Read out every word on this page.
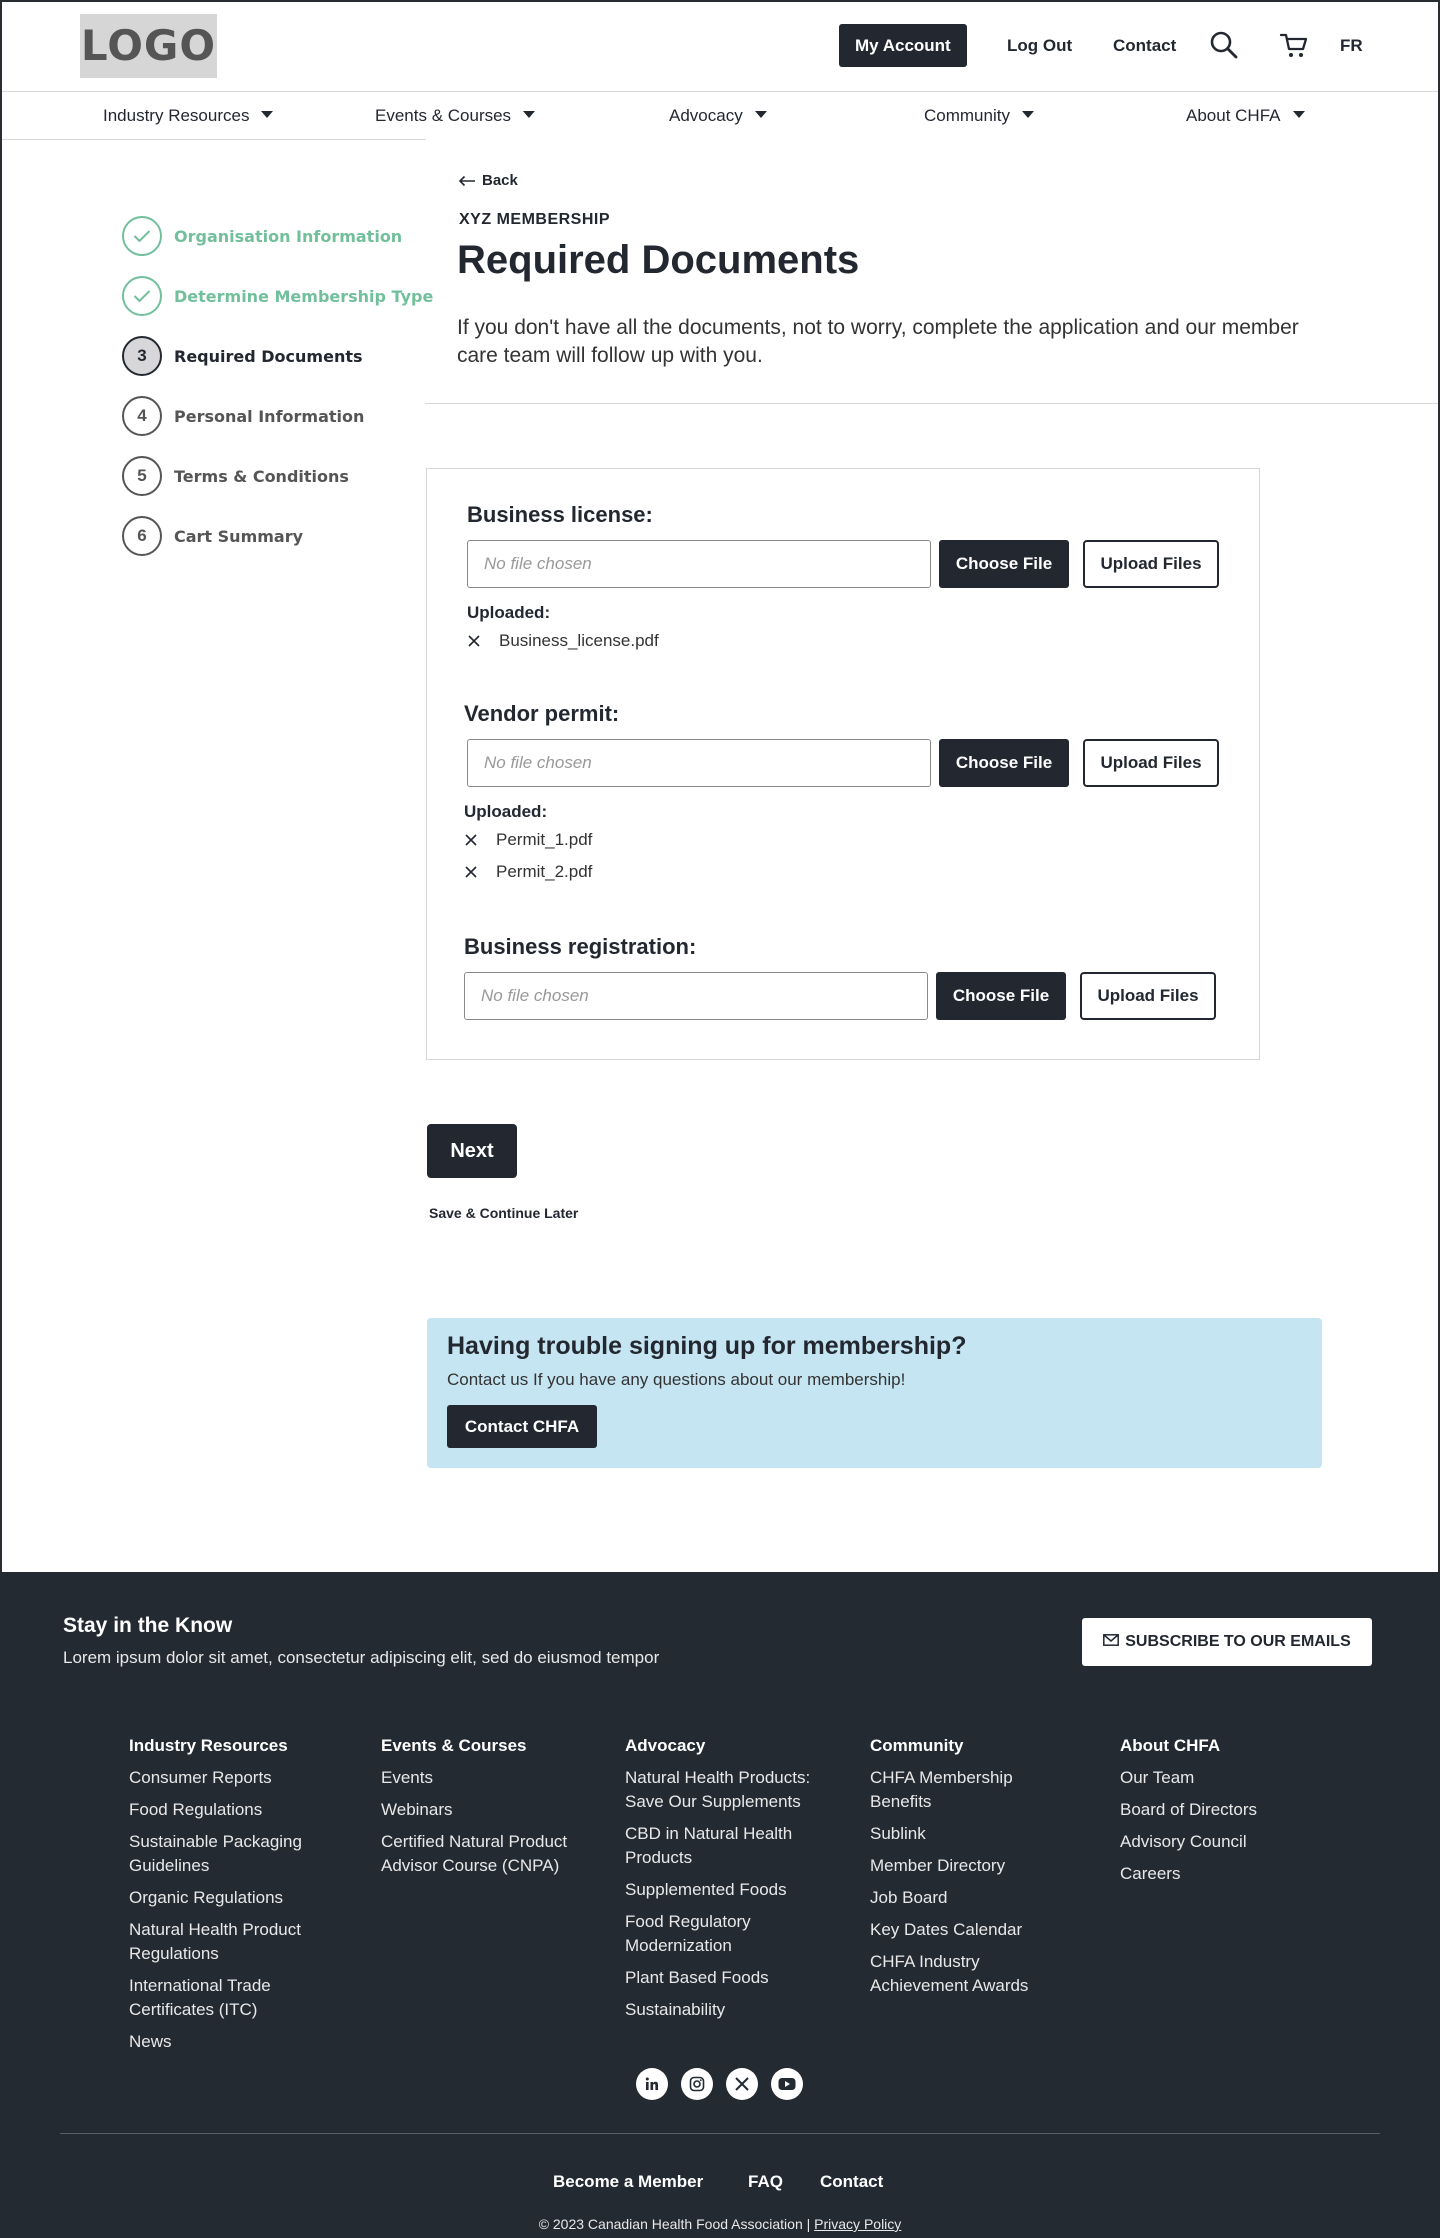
LOGO	My Account	Log Out Contact	FR
Industry Resources	Events & Courses	Advocacy	Community	About CHFA
Organisation Information
Determine Membership Type
3	Required Documents
4	Personal Information
5	Terms & Conditions
6	Cart Summary
Back
XYZ MEMBERSHIP
Required Documents
If you don't have all the documents, not to worry, complete the application and our member care team will follow up with you.
Business license:
No file chosen	Choose File	Upload Files
Uploaded:
Business_license.pdf
Vendor permit:
No file chosen	Choose File	Upload Files
Uploaded:
Permit_1.pdf
Permit_2.pdf
Business registration:
No file chosen	Choose File	Upload Files
Next
Save & Continue Later
Having trouble signing up for membership?
Contact us If you have any questions about our membership!
Contact CHFA
Stay in the Know
Lorem ipsum dolor sit amet, consectetur adipiscing elit, sed do eiusmod tempor
SUBSCRIBE TO OUR EMAILS
Industry Resources
Consumer Reports
Food Regulations
Sustainable Packaging Guidelines
Organic Regulations
Natural Health Product Regulations
International Trade Certificates (ITC)
News
Events & Courses
Events
Webinars
Certified Natural Product Advisor Course (CNPA)
Advocacy
Natural Health Products: Save Our Supplements
CBD in Natural Health Products
Supplemented Foods
Food Regulatory Modernization
Plant Based Foods
Sustainability
Community
CHFA Membership Benefits
Sublink
Member Directory
Job Board
Key Dates Calendar
CHFA Industry Achievement Awards
About CHFA
Our Team
Board of Directors
Advisory Council
Careers
Become a Member	FAQ Contact
© 2023 Canadian Health Food Association | Privacy Policy
